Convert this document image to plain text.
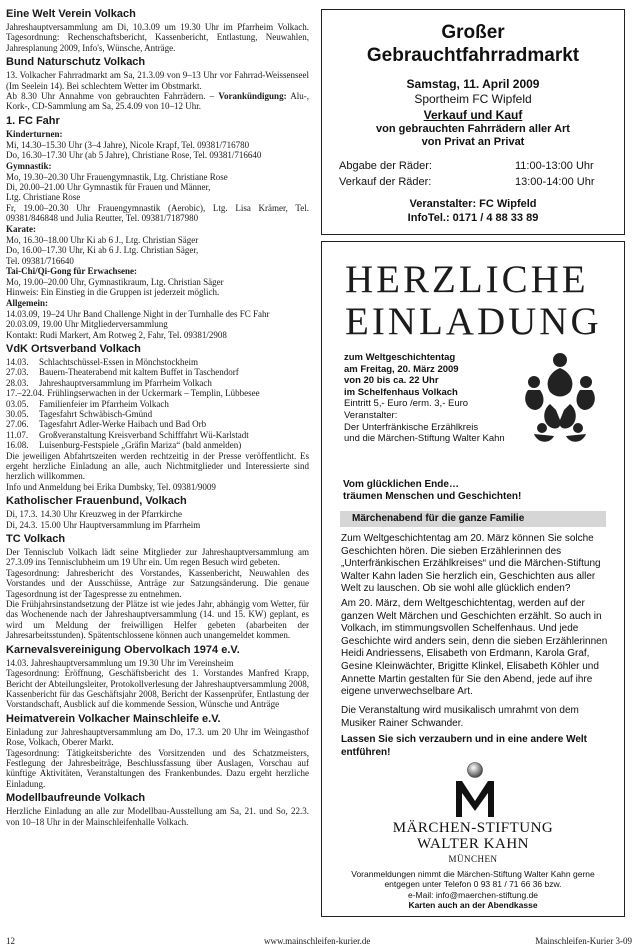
Eine Welt Verein Volkach
Jahreshauptversammlung am Di, 10.3.09 um 19.30 Uhr im Pfarrheim Volkach. Tagesordnung: Rechenschaftsbericht, Kassenbericht, Entlastung, Neuwahlen, Jahresplanung 2009, Info's, Wünsche, Anträge.
Bund Naturschutz Volkach
13. Volkacher Fahrradmarkt am Sa, 21.3.09 von 9–13 Uhr vor Fahrrad-Weissenseel (Im Seelein 14). Bei schlechtem Wetter im Obstmarkt.
Ab 8.30 Uhr Annahme von gebrauchten Fahrrädern. – Vorankündigung: Alu-, Kork-, CD-Sammlung am Sa, 25.4.09 von 10–12 Uhr.
1. FC Fahr
Kinderturnen:
Mi, 14.30–15.30 Uhr (3–4 Jahre), Nicole Krapf, Tel. 09381/716780
Do, 16.30–17.30 Uhr (ab 5 Jahre), Christiane Rose, Tel. 09381/716640
Gymnastik:
Mo, 19.30–20.30 Uhr Frauengymnastik, Ltg. Christiane Rose
Di, 20.00–21.00 Uhr Gymnastik für Frauen und Männer,
Ltg. Christiane Rose
Fr, 19.00–20.30 Uhr Frauengymnastik (Aerobic), Ltg. Lisa Krämer, Tel. 09381/846848 und Julia Reutter, Tel. 09381/7187980
Karate:
Mo, 16.30–18.00 Uhr Ki ab 6 J., Ltg. Christian Säger
Do, 16.00–17.30 Uhr, Ki ab 6 J. Ltg. Christian Säger,
Tel. 09381/716640
Tai-Chi/Qi-Gong für Erwachsene:
Mo, 19.00–20.00 Uhr, Gymnastikraum, Ltg. Christian Säger
Hinweis: Ein Einstieg in die Gruppen ist jederzeit möglich.
Allgemein:
14.03.09, 19–24 Uhr Band Challenge Night in der Turnhalle des FC Fahr
20.03.09, 19.00 Uhr Mitgliederversammlung
Kontakt: Rudi Markert, Am Rotweg 2, Fahr, Tel. 09381/2908
VdK Ortsverband Volkach
14.03.	Schlachtschüssel-Essen in Mönchstockheim
27.03.	Bauern-Theaterabend mit kaltem Buffet in Taschendorf
28.03.	Jahreshauptversammlung im Pfarrheim Volkach
17.–22.04. Frühlingserwachen in der Uckermark – Templin, Lübbesee
03.05.	Familienfeier im Pfarrheim Volkach
30.05.	Tagesfahrt Schwäbisch-Gmünd
27.06.	Tagesfahrt Adler-Werke Haibach und Bad Orb
11.07.	Großveranstaltung Kreisverband Schifffahrt Wü-Karlstadt
16.08.	Luisenburg-Festspiele „Gräfin Mariza“ (bald anmelden)
Die jeweiligen Abfahrtszeiten werden rechtzeitig in der Presse veröffentlicht. Es ergeht herzliche Einladung an alle, auch Nichtmitglieder und Interessierte sind herzlich willkommen.
Info und Anmeldung bei Erika Dumbsky, Tel. 09381/9009
Katholischer Frauenbund, Volkach
Di, 17.3. 14.30 Uhr Kreuzweg in der Pfarrkirche
Di, 24.3. 15.00 Uhr Hauptversammlung im Pfarrheim
TC Volkach
Der Tennisclub Volkach lädt seine Mitglieder zur Jahreshauptversammlung am 27.3.09 ins Tennisclubheim um 19 Uhr ein. Um regen Besuch wird gebeten.
Tagesordnung: Jahresbericht des Vorstandes, Kassenbericht, Neuwahlen des Vorstandes und der Ausschüsse, Anträge zur Satzungsänderung. Die genaue Tagesordnung ist der Tagespresse zu entnehmen.
Die Frühjahrsinstandsetzung der Plätze ist wie jedes Jahr, abhängig vom Wetter, für das Wochenende nach der Jahreshauptversammlung (14. und 15. KW) geplant, es wird um Meldung der freiwilligen Helfer gebeten (abarbeiten der Jahresarbeitsstunden). Spätentschlossene können auch unangemeldet kommen.
Karnevalsvereinigung Obervolkach 1974 e.V.
14.03. Jahreshauptversammlung um 19.30 Uhr im Vereinsheim
Tagesordnung: Eröffnung, Geschäftsbericht des 1. Vorstandes Manfred Krapp, Bericht der Abteilungsleiter, Protokollverlesung der Jahreshauptversammlung 2008, Kassenbericht für das Geschäftsjahr 2008, Bericht der Kassenprüfer, Entlastung der Vorstandschaft, Ausblick auf die kommende Session, Wünsche und Anträge
Heimatverein Volkacher Mainschleife e.V.
Einladung zur Jahreshauptversammlung am Do, 17.3. um 20 Uhr im Weingasthof Rose, Volkach, Oberer Markt.
Tagesordnung: Tätigkeitsberichte des Vorsitzenden und des Schatzmeisters, Festlegung der Jahresbeiträge, Beschlussfassung über Auslagen, Vorschau auf künftige Aktivitäten, Veranstaltungen des Frankenbundes. Dazu ergeht herzliche Einladung.
Modellbaufreunde Volkach
Herzliche Einladung an alle zur Modellbau-Ausstellung am Sa, 21. und So, 22.3. von 10–18 Uhr in der Mainschleifenhalle Volkach.
Großer
Gebrauchtfahrradmarkt
Samstag, 11. April 2009
Sportheim FC Wipfeld
Verkauf und Kauf
von gebrauchten Fahrrädern aller Art
von Privat an Privat
Abgabe der Räder:	11:00-13:00 Uhr
Verkauf der Räder:	13:00-14:00 Uhr
Veranstalter: FC Wipfeld
InfoTel.: 0171 / 4 88 33 89
HERZLICHE
EINLADUNG
zum Weltgeschichtentag
am Freitag, 20. März 2009
von 20 bis ca. 22 Uhr
im Schelfenhaus Volkach
Eintritt 5,- Euro /erm. 3,- Euro
Veranstalter:
Der Unterfränkische Erzählkreis
und die Märchen-Stiftung Walter Kahn
Vom glücklichen Ende…
träumen Menschen und Geschichten!
Märchenabend für die ganze Familie
Zum Weltgeschichtentag am 20. März können Sie solche Geschichten hören. Die sieben Erzählerinnen des „Unterfränkischen Erzählkreises“ und die Märchen-Stiftung Walter Kahn laden Sie herzlich ein, Geschichten aus aller Welt zu lauschen. Ob sie wohl alle glücklich enden?
Am 20. März, dem Weltgeschichtentag, werden auf der ganzen Welt Märchen und Geschichten erzählt. So auch in Volkach, im stimmungsvollen Schelfenhaus. Und jede Geschichte wird anders sein, denn die sieben Erzählerinnen Heidi Andriessens, Elisabeth von Erdmann, Karola Graf, Gesine Kleinwächter, Brigitte Klinkel, Elisabeth Köhler und Annette Martin gestalten für Sie den Abend, jede auf ihre eigene unverwechselbare Art.
Die Veranstaltung wird musikalisch umrahmt von dem Musiker Rainer Schwander.
Lassen Sie sich verzaubern und in eine andere Welt entführen!
MÄRCHEN-STIFTUNG
WALTER KAHN
MÜNCHEN
Voranmeldungen nimmt die Märchen-Stiftung Walter Kahn gerne
entgegen unter Telefon 0 93 81 / 71 66 36 bzw.
e-Mail: info@maerchen-stiftung.de
Karten auch an der Abendkasse
12	www.mainschleifen-kurier.de	Mainschleifen-Kurier 3-09
